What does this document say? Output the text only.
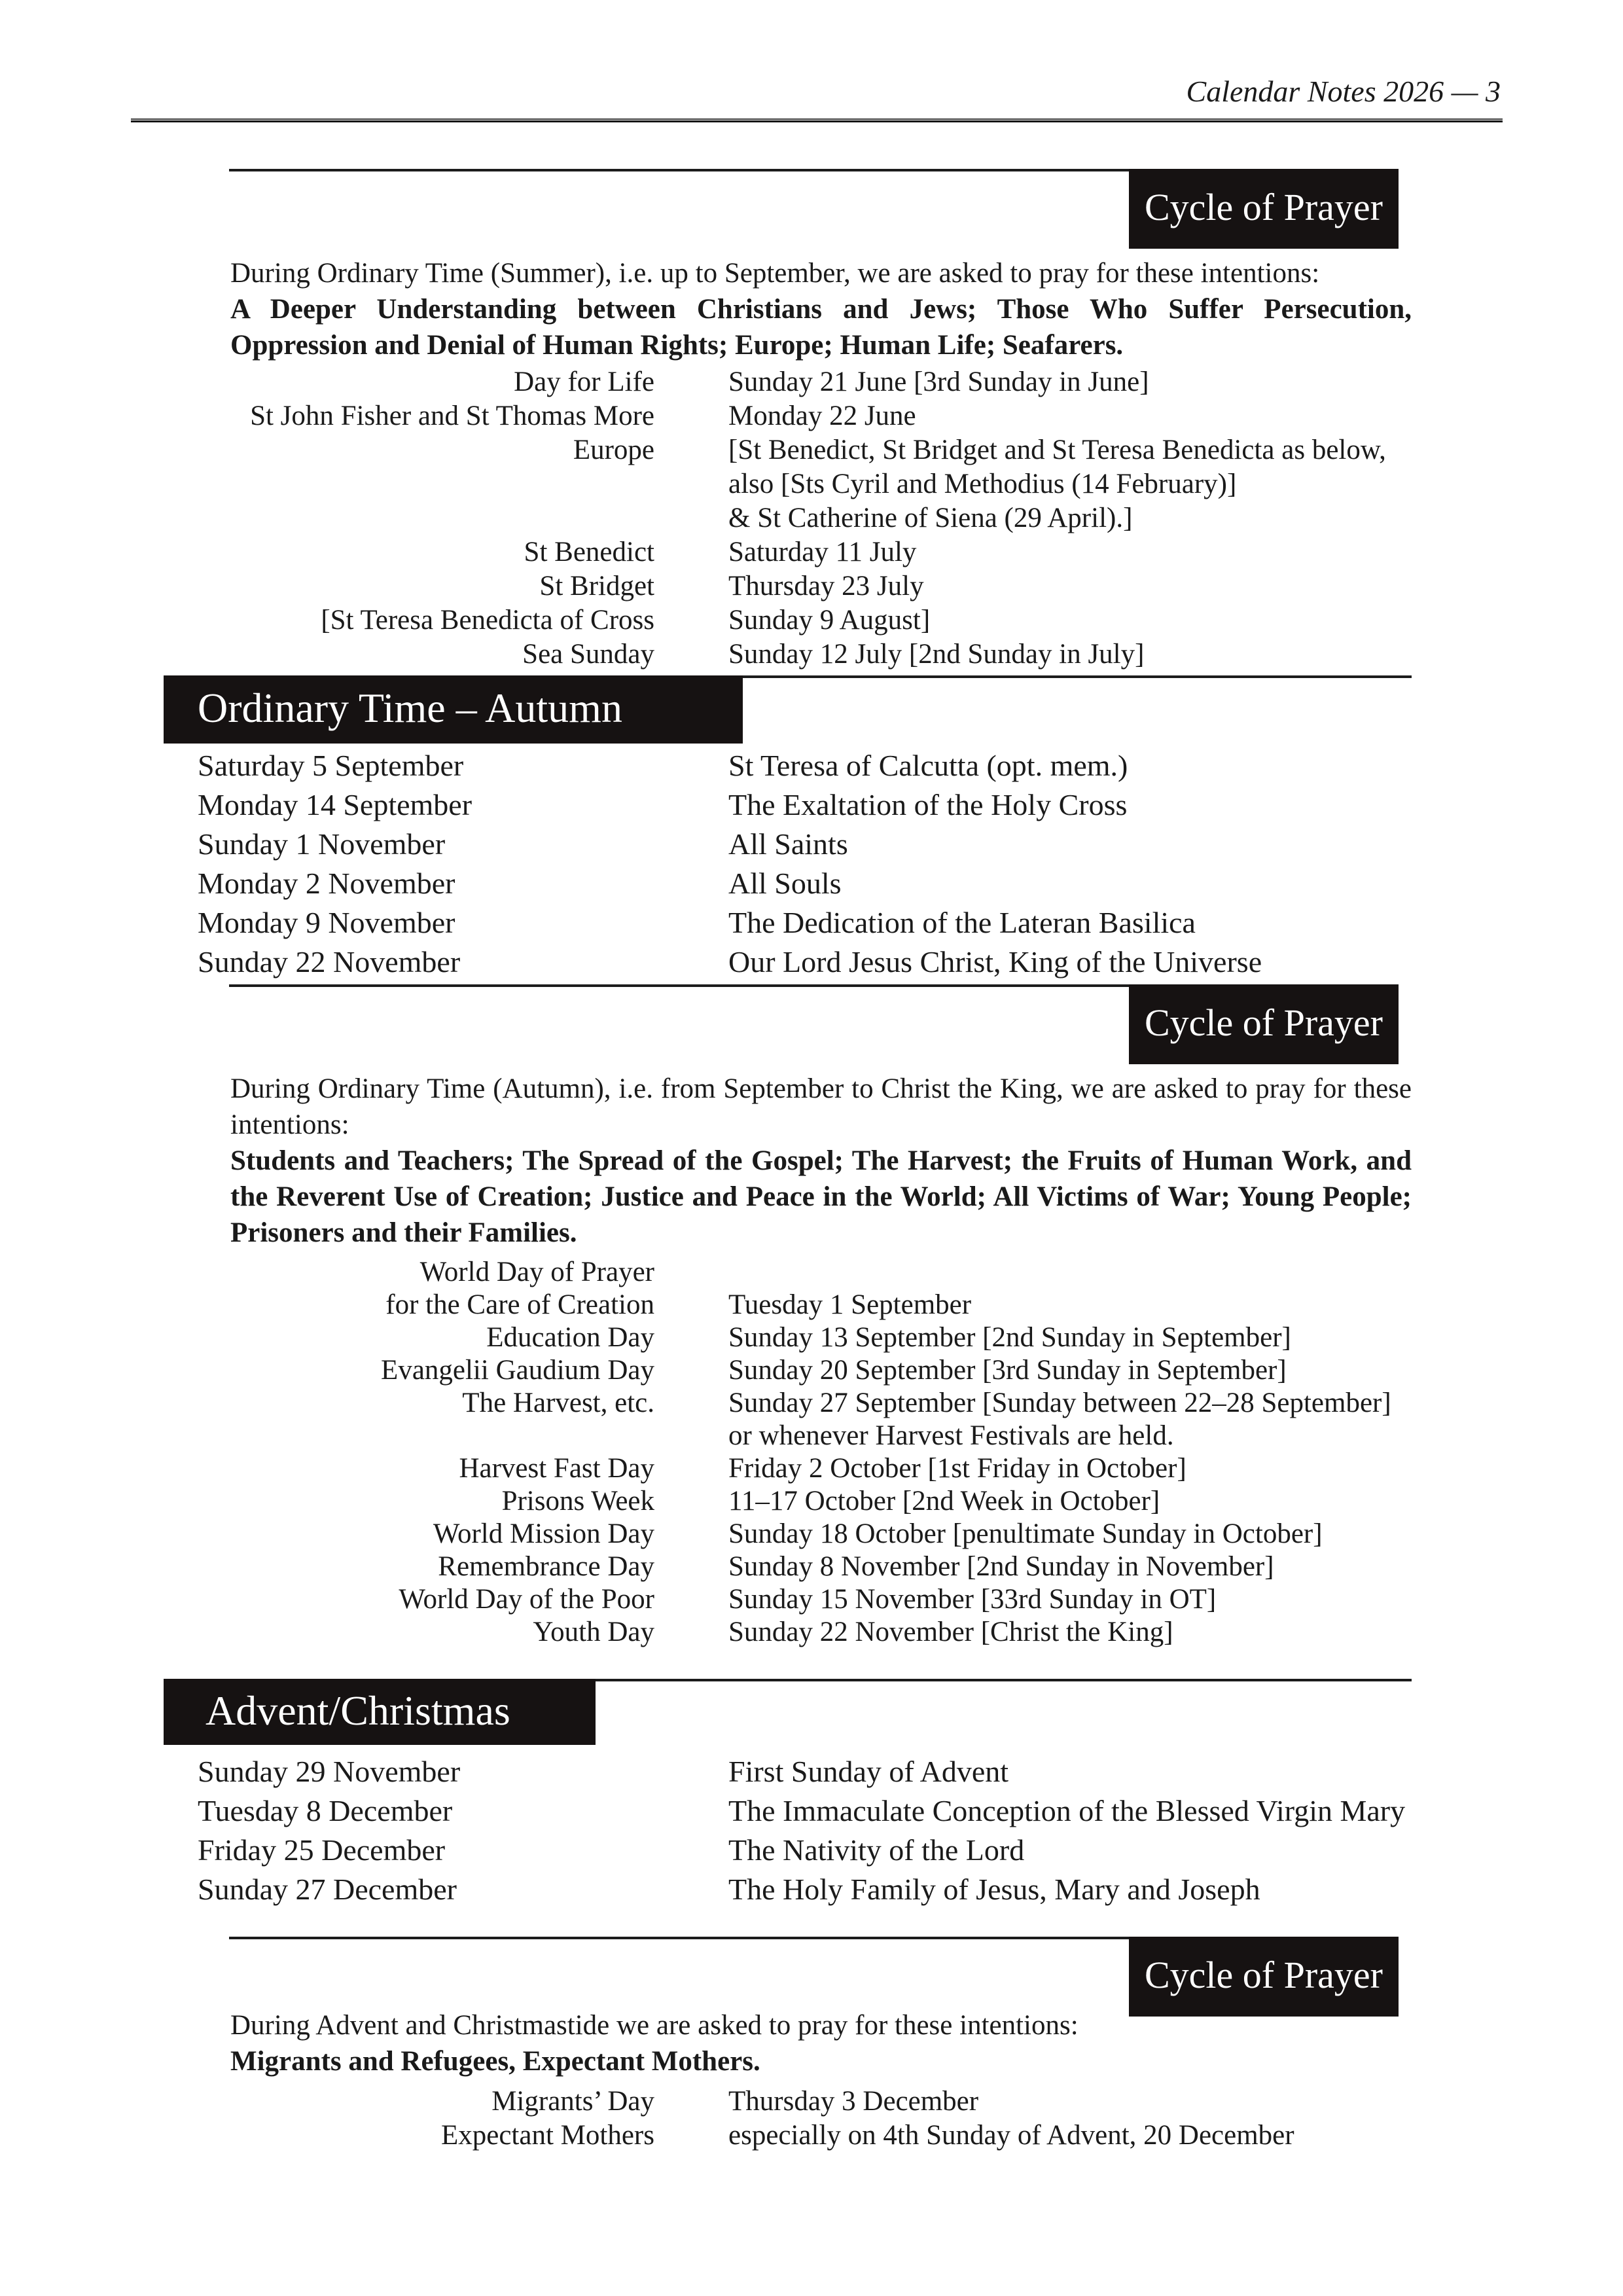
Calendar Notes 2026 — 3
Cycle of Prayer
During Ordinary Time (Summer), i.e. up to September, we are asked to pray for these intentions:
A Deeper Understanding between Christians and Jews; Those Who Suffer Persecution, Oppression and Denial of Human Rights; Europe; Human Life; Seafarers.
Day for Life	Sunday 21 June [3rd Sunday in June]
St John Fisher and St Thomas More	Monday 22 June
Europe	[St Benedict, St Bridget and St Teresa Benedicta as below,
also [Sts Cyril and Methodius (14 February)]
& St Catherine of Siena (29 April).]
St Benedict	Saturday 11 July
St Bridget	Thursday 23 July
[St Teresa Benedicta of Cross	Sunday 9 August]
Sea Sunday	Sunday 12 July [2nd Sunday in July]
Ordinary Time – Autumn
Saturday 5 September	St Teresa of Calcutta (opt. mem.)
Monday 14 September	The Exaltation of the Holy Cross
Sunday 1 November	All Saints
Monday 2 November	All Souls
Monday 9 November	The Dedication of the Lateran Basilica
Sunday 22 November	Our Lord Jesus Christ, King of the Universe
Cycle of Prayer
During Ordinary Time (Autumn), i.e. from September to Christ the King, we are asked to pray for these intentions:
Students and Teachers; The Spread of the Gospel; The Harvest; the Fruits of Human Work, and the Reverent Use of Creation; Justice and Peace in the World; All Victims of War; Young People; Prisoners and their Families.
World Day of Prayer
for the Care of Creation	Tuesday 1 September
Education Day	Sunday 13 September [2nd Sunday in September]
Evangelii Gaudium Day	Sunday 20 September [3rd Sunday in September]
The Harvest, etc.	Sunday 27 September [Sunday between 22–28 September]
or whenever Harvest Festivals are held.
Harvest Fast Day	Friday 2 October [1st Friday in October]
Prisons Week	11–17 October [2nd Week in October]
World Mission Day	Sunday 18 October [penultimate Sunday in October]
Remembrance Day	Sunday 8 November [2nd Sunday in November]
World Day of the Poor	Sunday 15 November [33rd Sunday in OT]
Youth Day	Sunday 22 November [Christ the King]
Advent/Christmas
Sunday 29 November	First Sunday of Advent
Tuesday 8 December	The Immaculate Conception of the Blessed Virgin Mary
Friday 25 December	The Nativity of the Lord
Sunday 27 December	The Holy Family of Jesus, Mary and Joseph
Cycle of Prayer
During Advent and Christmastide we are asked to pray for these intentions:
Migrants and Refugees, Expectant Mothers.
Migrants’ Day	Thursday 3 December
Expectant Mothers	especially on 4th Sunday of Advent, 20 December
